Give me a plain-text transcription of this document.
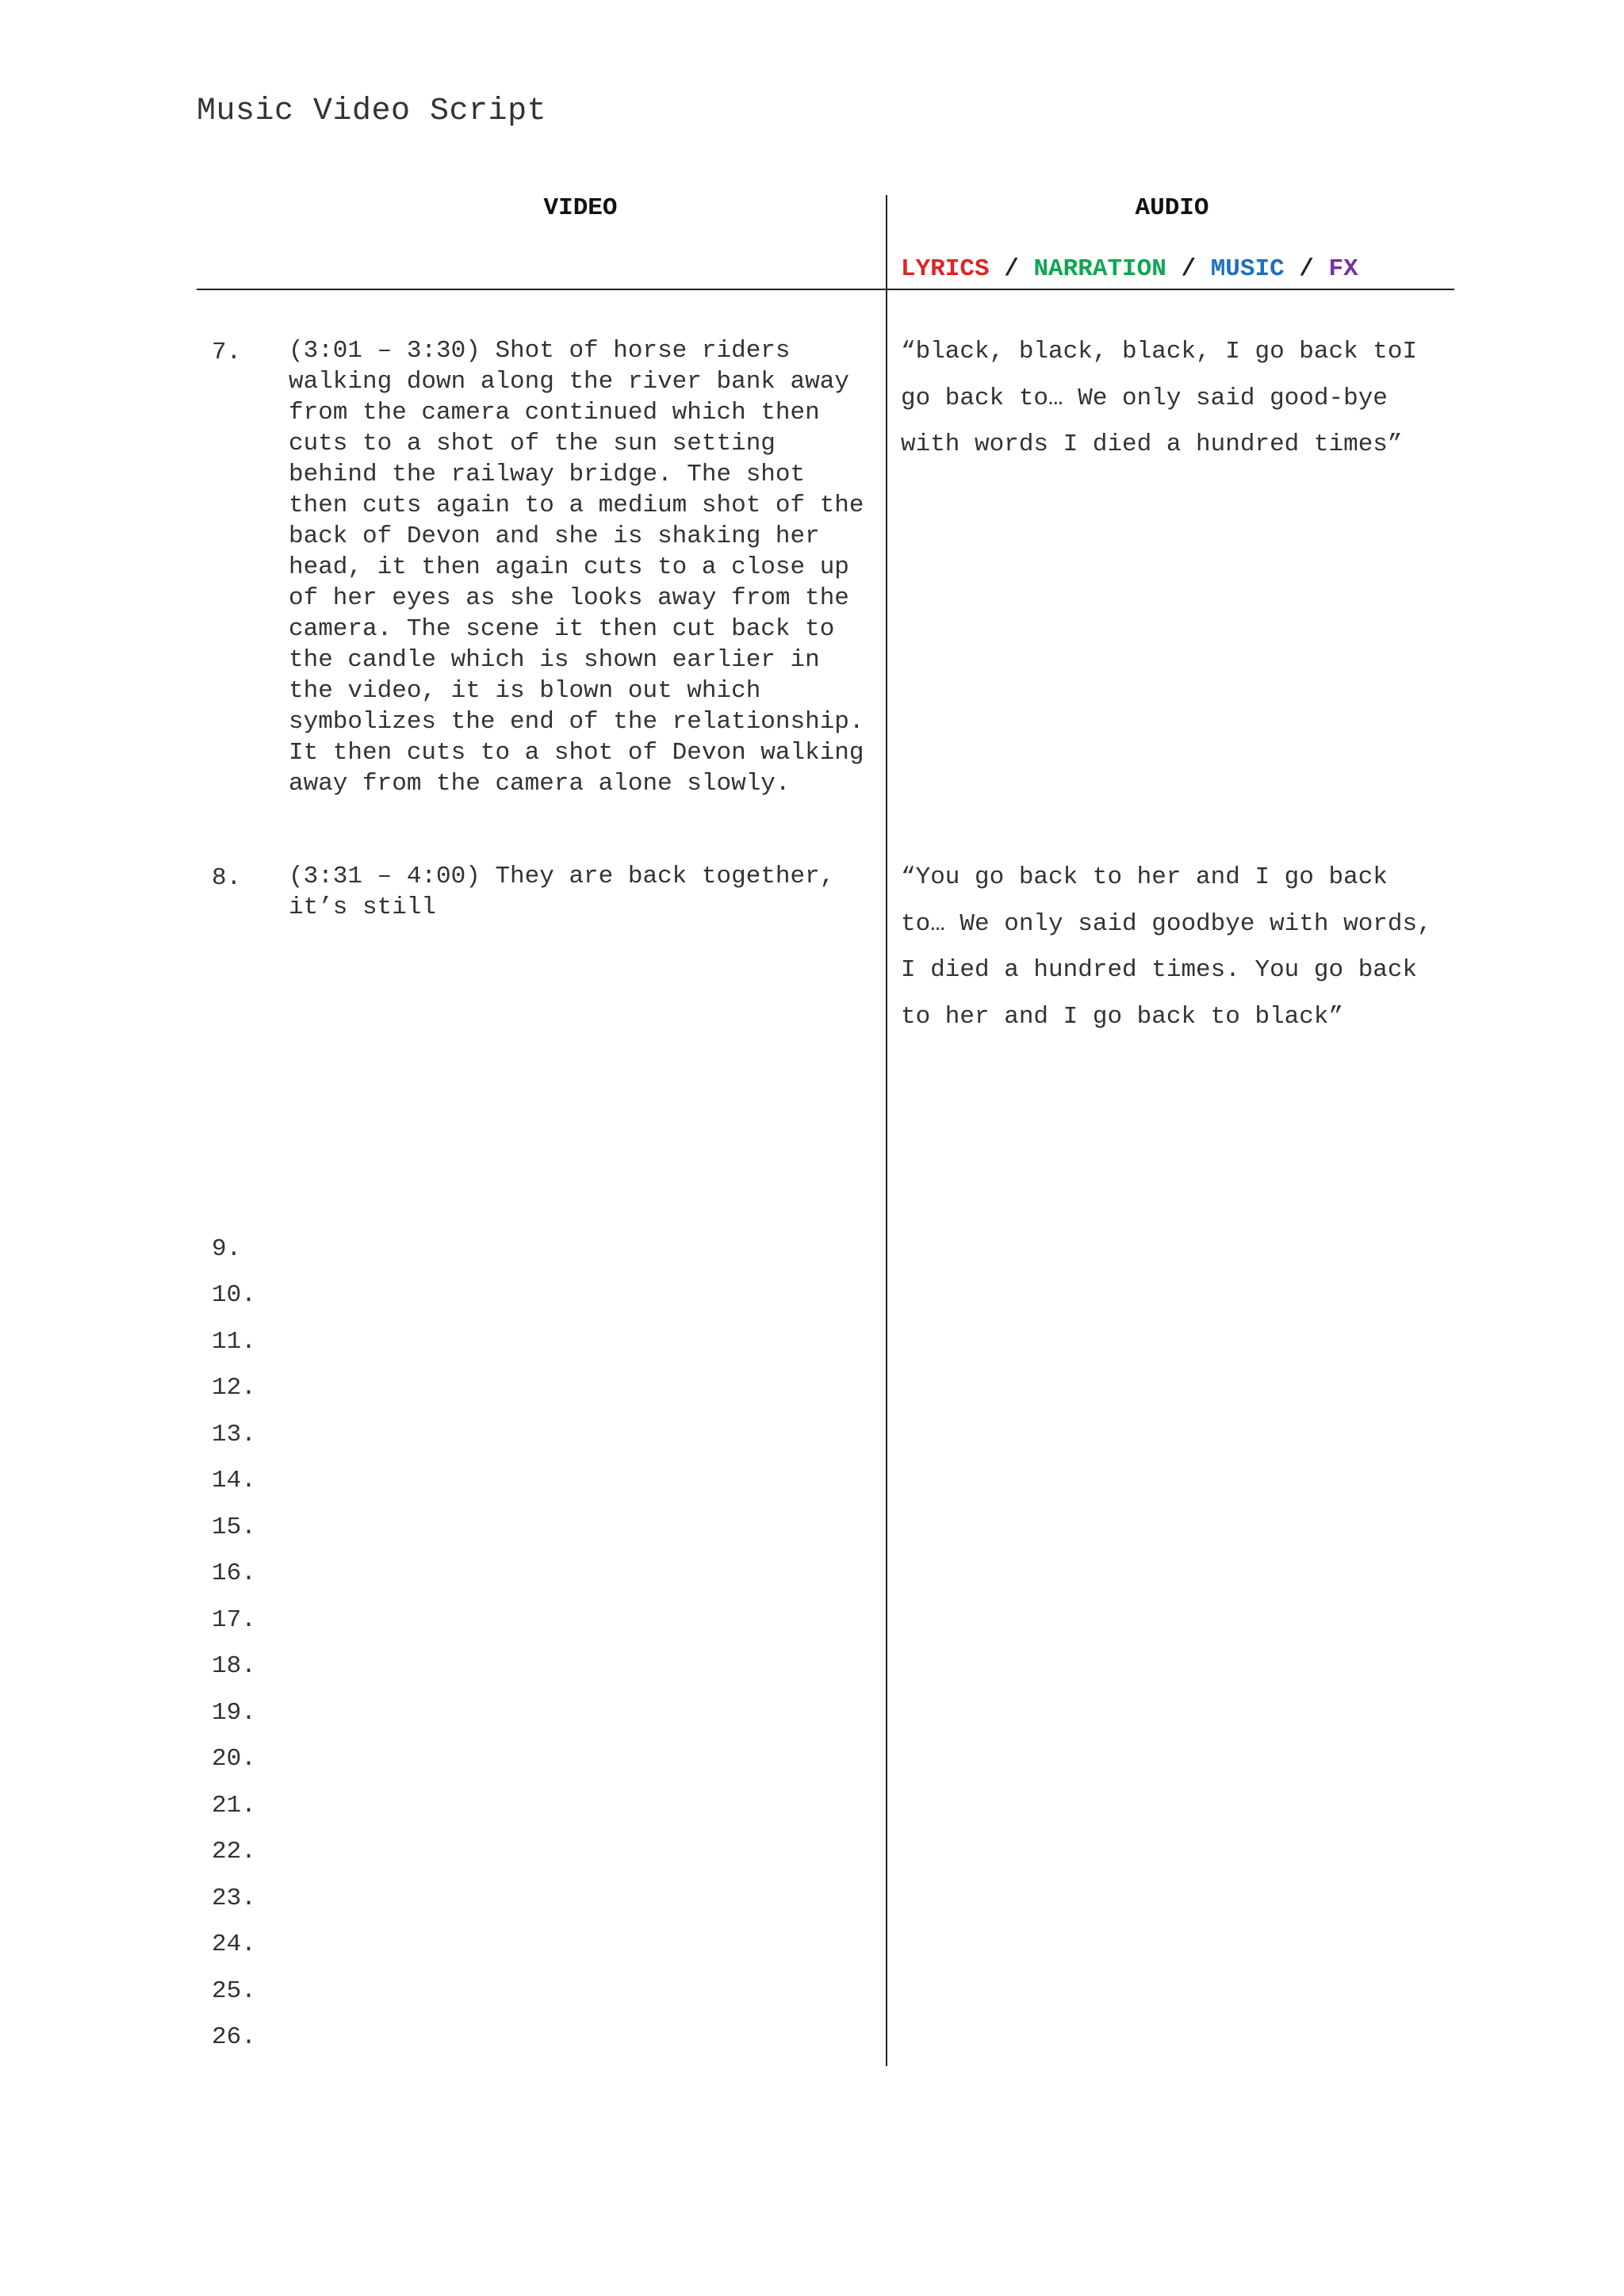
Music Video Script
VIDEO	AUDIO
LYRICS / NARRATION / MUSIC / FX
7. (3:01 – 3:30) Shot of horse riders walking down along the river bank away from the camera continued which then cuts to a shot of the sun setting behind the railway bridge. The shot then cuts again to a medium shot of the back of Devon and she is shaking her head, it then again cuts to a close up of her eyes as she looks away from the camera. The scene it then cut back to the candle which is shown earlier in the video, it is blown out which symbolizes the end of the relationship. It then cuts to a shot of Devon walking away from the camera alone slowly.
“black, black, black, I go back toI go back to… We only said good-bye with words I died a hundred times”
8. (3:31 – 4:00) They are back together, it’s still
“You go back to her and I go back to… We only said goodbye with words, I died a hundred times. You go back to her and I go back to black”
9.
10.
11.
12.
13.
14.
15.
16.
17.
18.
19.
20.
21.
22.
23.
24.
25.
26.
